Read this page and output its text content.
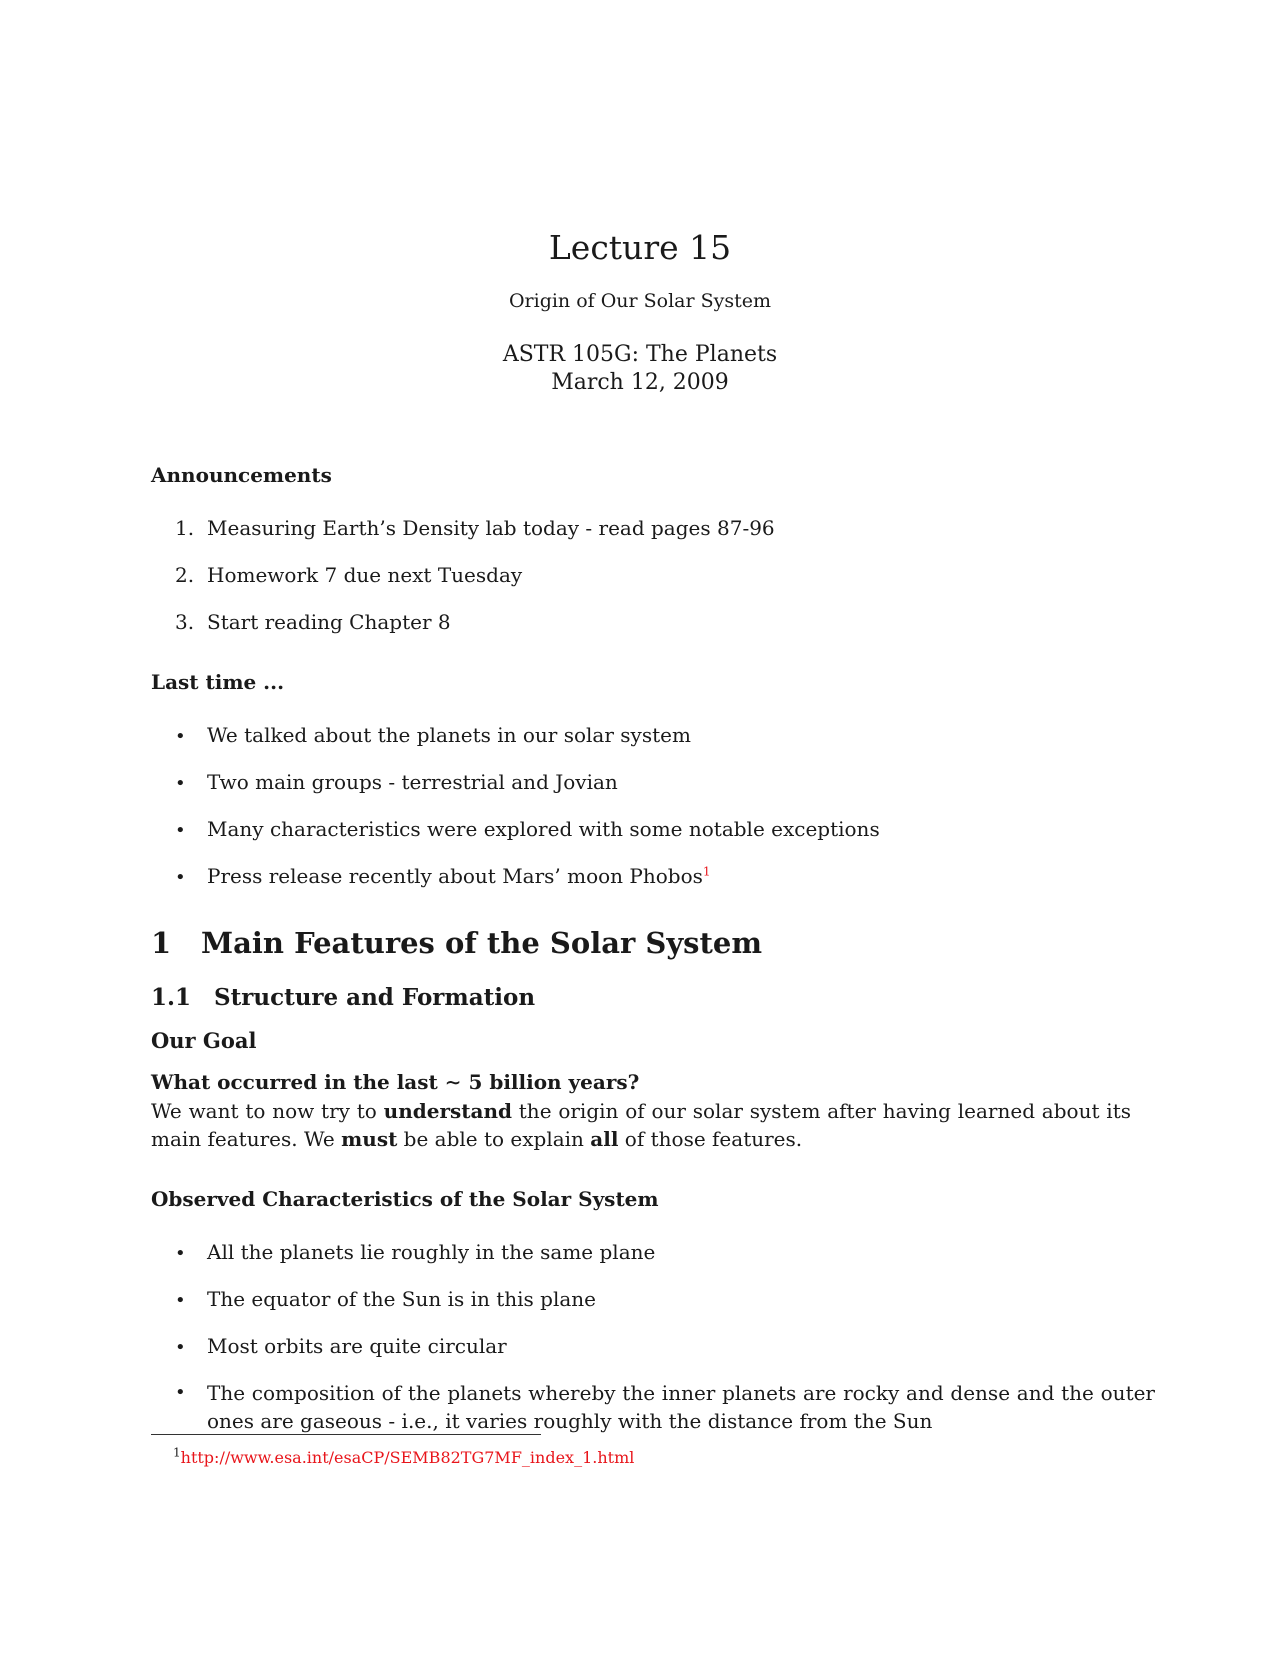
Lecture 15
Origin of Our Solar System
ASTR 105G: The Planets
March 12, 2009
Announcements
1. Measuring Earth’s Density lab today - read pages 87-96
2. Homework 7 due next Tuesday
3. Start reading Chapter 8
Last time ...
• We talked about the planets in our solar system
• Two main groups - terrestrial and Jovian
• Many characteristics were explored with some notable exceptions
• Press release recently about Mars’ moon Phobos$^1$
1 Main Features of the Solar System
1.1 Structure and Formation
Our Goal
What occurred in the last ∼ 5 billion years?
We want to now try to understand the origin of our solar system after having learned about its main features. We must be able to explain all of those features.
Observed Characteristics of the Solar System
• All the planets lie roughly in the same plane
• The equator of the Sun is in this plane
• Most orbits are quite circular
•	The composition of the planets whereby the inner planets are rocky and dense and the outer ones are gaseous - i.e., it varies roughly with the distance from the Sun
$^1$http://www.esa.int/esaCP/SEMB82TG7MF_index_1.html
